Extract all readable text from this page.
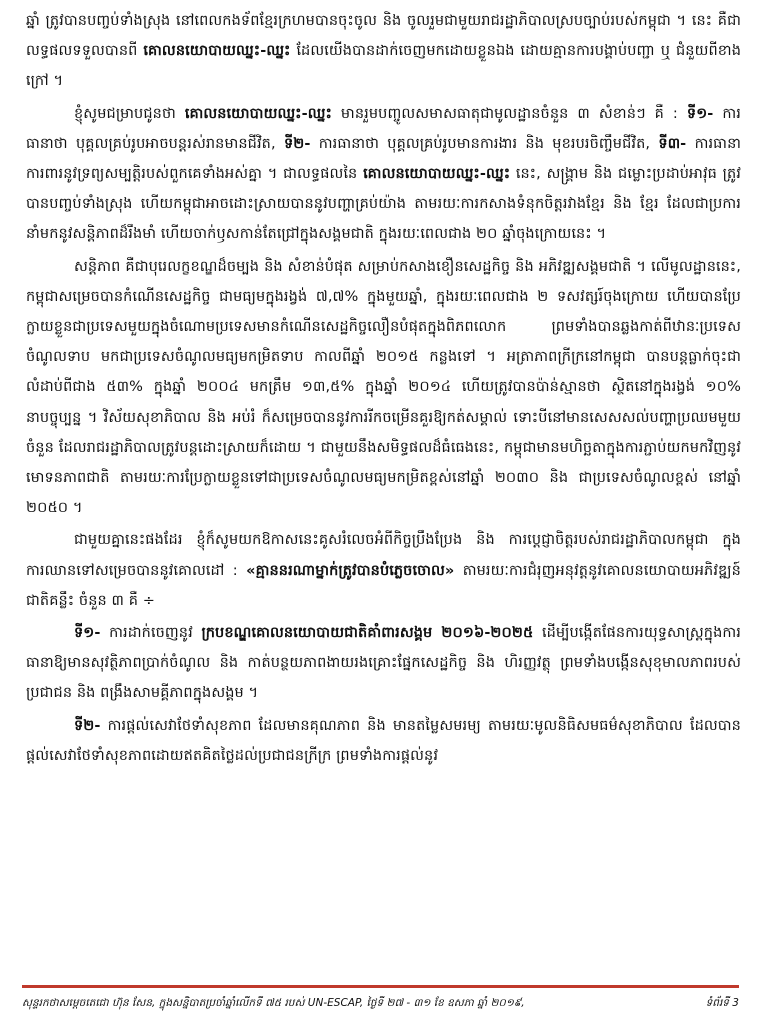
ឆ្នាំ ត្រូវបានបញ្ចប់ទាំងស្រុង នៅពេលកងទ័ពខ្មែរក្រហមបានចុះចូល និង ចូលរួមជាមួយរាជរដ្ឋាភិបាលស្របច្បាប់របស់កម្ពុជា ។ នេះ គឺជាលទ្ធផលទទួលបានពី គោលនយោបាយឈ្នះ-ឈ្នះ ដែលយើងបានដាក់ចេញមកដោយខ្លួនឯង ដោយគ្មានការបង្គាប់បញ្ជា ឬ ជំនួយពីខាងក្រៅ ។

ខ្ញុំសូមជម្រាបជូនថា គោលនយោបាយឈ្នះ-ឈ្នះ មានរួមបញ្ចូលសមាសធាតុជាមូលដ្ឋានចំនួន ៣ សំខាន់ៗ គឺ : ទី១- ការធានាថា បុគ្គលគ្រប់រូបអាចបន្តរស់រានមានជីវិត, ទី២- ការធានាថា បុគ្គលគ្រប់រូបមានការងារ និង មុខរបរចិញ្ចឹមជីវិត, ទី៣- ការធានាការពារនូវទ្រព្យសម្បត្តិរបស់ពួកគេទាំងអស់គ្នា ។ ជាលទ្ធផលនៃ គោលនយោបាយឈ្នះ-ឈ្នះ នេះ, សង្គ្រាម និង ជម្លោះប្រដាប់អាវុធ ត្រូវបានបញ្ចប់ទាំងស្រុង ហើយកម្ពុជាអាចដោះស្រាយបាននូវបញ្ហាគ្រប់យ៉ាង តាមរយៈការកសាងទំនុកចិត្តរវាងខ្មែរ និង ខ្មែរ ដែលជាប្រការនាំមកនូវសន្តិភាពដ៏រឹងមាំ ហើយចាក់ឫសកាន់តែជ្រៅក្នុងសង្គមជាតិ ក្នុងរយៈពេលជាង ២០ ឆ្នាំចុងក្រោយនេះ ។

សន្តិភាព គឺជាបុរេលក្ខខណ្ឌដ៏ចម្បង និង សំខាន់បំផុត សម្រាប់កសាងខឿនសេដ្ឋកិច្ច និង អភិវឌ្ឍសង្គមជាតិ ។ លើមូលដ្ឋាននេះ, កម្ពុជាសម្រេចបានកំណើនសេដ្ឋកិច្ច ជាមធ្យមក្នុងរង្វង់ ៧,៧% ក្នុងមួយឆ្នាំ, ក្នុងរយៈពេលជាង ២ ទសវត្សរ៍ចុងក្រោយ ហើយបានប្រែក្លាយខ្លួនជាប្រទេសមួយក្នុងចំណោមប្រទេសមានកំណើនសេដ្ឋកិច្ចលឿនបំផុតក្នុងពិភពលោក ព្រមទាំងបានឆ្លងកាត់ពីឋានៈប្រទេសចំណូលទាប មកជាប្រទេសចំណូលមធ្យមកម្រិតទាប កាលពីឆ្នាំ ២០១៥ កន្លងទៅ ។ អត្រាភាពក្រីក្រនៅកម្ពុជា បានបន្តធ្លាក់ចុះជាលំដាប់ពីជាង ៥៣% ក្នុងឆ្នាំ ២០០៤ មកត្រឹម ១៣,៥% ក្នុងឆ្នាំ ២០១៤ ហើយត្រូវបានប៉ាន់ស្មានថា ស្ថិតនៅក្នុងរង្វង់ ១០% នាបច្ចុប្បន្ន ។ វិស័យសុខាភិបាល និង អប់រំ ក៏សម្រេចបាននូវការរីកចម្រើនគួរឱ្យកត់សម្គាល់ ទោះបីនៅមានសេសសល់បញ្ហាប្រឈមមួយចំនួន ដែលរាជរដ្ឋាភិបាលត្រូវបន្តដោះស្រាយក៏ដោយ ។ ជាមួយនឹងសមិទ្ធផលដ៏ធំធេងនេះ, កម្ពុជាមានមហិច្ឆតាក្នុងការភ្ជាប់យកមកវិញនូវមោទនភាពជាតិ តាមរយៈការប្រែក្លាយខ្លួនទៅជាប្រទេសចំណូលមធ្យមកម្រិតខ្ពស់នៅឆ្នាំ ២០៣០ និង ជាប្រទេសចំណូលខ្ពស់ នៅឆ្នាំ ២០៥០ ។

ជាមួយគ្នានេះផងដែរ ខ្ញុំក៏សូមយកឱកាសនេះគូសរំលេចអំពីកិច្ចប្រឹងប្រែង និង ការប្តេជ្ញាចិត្តរបស់រាជរដ្ឋាភិបាលកម្ពុជា ក្នុងការឈានទៅសម្រេចបាននូវគោលដៅ : «គ្មាននរណាម្នាក់ត្រូវបានបំភ្លេចចោល» តាមរយៈការជំរុញអនុវត្តនូវគោលនយោបាយអភិវឌ្ឍន៍ជាតិគន្លឹះ ចំនួន ៣ គឺ ÷

ទី១- ការដាក់ចេញនូវ ក្របខណ្ឌគោលនយោបាយជាតិគាំពារសង្គម ២០១៦-២០២៥ ដើម្បីបង្កើតផែនការយុទ្ធសាស្ត្រក្នុងការធានាឱ្យមានសុវត្ថិភាពប្រាក់ចំណូល និង កាត់បន្ថយភាពងាយរងគ្រោះផ្នែកសេដ្ឋកិច្ច និង ហិរញ្ញវត្ថុ ព្រមទាំងបង្កើនសុខុមាលភាពរបស់ប្រជាជន និង ពង្រឹងសាមគ្គីភាពក្នុងសង្គម ។

ទី២- ការផ្តល់សេវាថែទាំសុខភាព ដែលមានគុណភាព និង មានតម្លៃសមរម្យ តាមរយៈមូលនិធិសមធម៌សុខាភិបាល ដែលបានផ្តល់សេវាថែទាំសុខភាពដោយឥតគិតថ្លៃដល់ប្រជាជនក្រីក្រ ព្រមទាំងការផ្តល់នូវ

សុន្ទរកថាសម្តេចតេជោ ហ៊ុន សែន, ក្នុងសន្និបាតប្រចាំឆ្នាំលើកទី ៧៥ របស់ UN-ESCAP, ថ្ងៃទី ២៧ - ៣១ ខែ ឧសភា ឆ្នាំ ២០១៩,	ទំព័រទី 3
